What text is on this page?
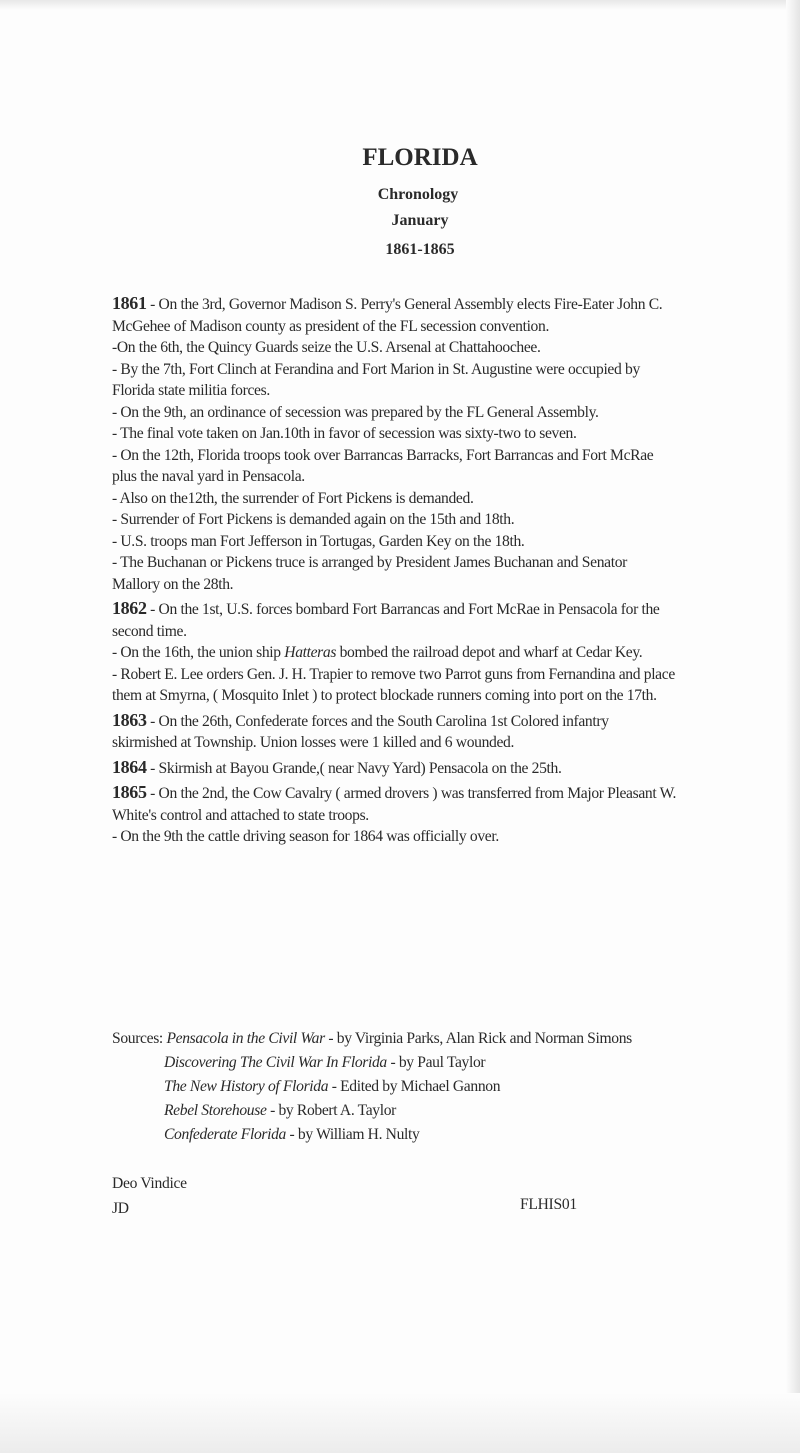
FLORIDA
Chronology
January
1861-1865

1861 - On the 3rd, Governor Madison S. Perry's General Assembly elects Fire-Eater John C. McGehee of Madison county as president of the FL secession convention.

-On the 6th, the Quincy Guards seize the U.S. Arsenal at Chattahoochee.

- By the 7th, Fort Clinch at Ferandina and Fort Marion in St. Augustine were occupied by Florida state militia forces.

- On the 9th, an ordinance of secession was prepared by the FL General Assembly.

- The final vote taken on Jan.10th in favor of secession was sixty-two to seven.

- On the 12th, Florida troops took over Barrancas Barracks, Fort Barrancas and Fort McRae plus the naval yard in Pensacola.

- Also on the12th, the surrender of Fort Pickens is demanded.

- Surrender of Fort Pickens is demanded again on the 15th and 18th.

- U.S. troops man Fort Jefferson in Tortugas, Garden Key on the 18th.

- The Buchanan or Pickens truce is arranged by President James Buchanan and Senator Mallory on the 28th.

1862 - On the 1st, U.S. forces bombard Fort Barrancas and Fort McRae in Pensacola for the second time.

- On the 16th, the union ship Hatteras bombed the railroad depot and wharf at Cedar Key.

- Robert E. Lee orders Gen. J. H. Trapier to remove two Parrot guns from Fernandina and place them at Smyrna, ( Mosquito Inlet ) to protect blockade runners coming into port on the 17th.

1863 - On the 26th, Confederate forces and the South Carolina 1st Colored infantry skirmished at Township. Union losses were 1 killed and 6 wounded.

1864 - Skirmish at Bayou Grande,( near Navy Yard) Pensacola on the 25th.

1865 - On the 2nd, the Cow Cavalry ( armed drovers ) was transferred from Major Pleasant W. White's control and attached to state troops.

- On the 9th the cattle driving season for 1864 was officially over.

Sources: Pensacola in the Civil War - by Virginia Parks, Alan Rick and Norman Simons
Discovering The Civil War In Florida - by Paul Taylor
The New History of Florida - Edited by Michael Gannon
Rebel Storehouse - by Robert A. Taylor
Confederate Florida - by William H. Nulty
Deo Vindice
JD	FLHIS01
